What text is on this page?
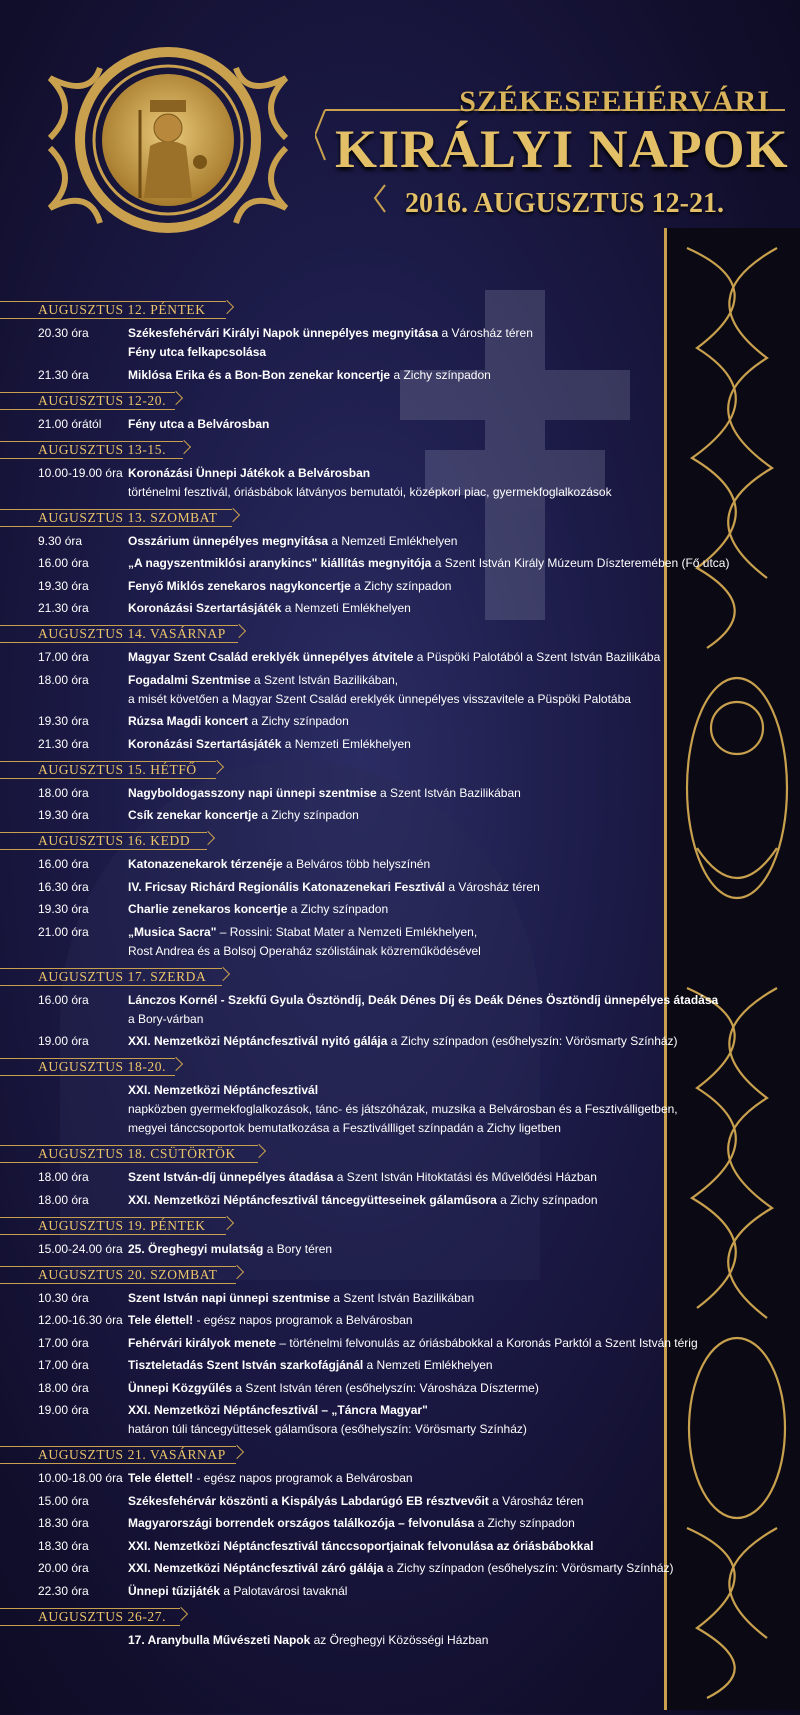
SZÉKESFEHÉRVÁRI
KIRÁLYI NAPOK
2016. AUGUSZTUS 12-21.
AUGUSZTUS 12. PÉNTEK
20.30 óra	Székesfehérvári Királyi Napok ünnepélyes megnyitása a Városház téren
Fény utca felkapcsolása
21.30 óra	Miklósa Erika és a Bon-Bon zenekar koncertje a Zichy színpadon
AUGUSZTUS 12-20.
21.00 órától	Fény utca a Belvárosban
AUGUSZTUS 13-15.
10.00-19.00 óra Koronázási Ünnepi Játékok a Belvárosban
történelmi fesztivál, óriásbábok látványos bemutatói, középkori piac, gyermekfoglalkozások
AUGUSZTUS 13. SZOMBAT
9.30 óra	Osszárium ünnepélyes megnyitása a Nemzeti Emlékhelyen
16.00 óra	„A nagyszentmiklósi aranykincs" kiállítás megnyitója a Szent István Király Múzeum Díszteremében (Fő utca)
19.30 óra	Fenyő Miklós zenekaros nagykoncertje a Zichy színpadon
21.30 óra	Koronázási Szertartásjáték a Nemzeti Emlékhelyen
AUGUSZTUS 14. VASÁRNAP
17.00 óra	Magyar Szent Család ereklyék ünnepélyes átvitele a Püspöki Palotából a Szent István Bazilikába
18.00 óra	Fogadalmi Szentmise a Szent István Bazilikában,
a misét követően a Magyar Szent Család ereklyék ünnepélyes visszavitele a Püspöki Palotába
19.30 óra	Rúzsa Magdi koncert a Zichy színpadon
21.30 óra	Koronázási Szertartásjáték a Nemzeti Emlékhelyen
AUGUSZTUS 15. HÉTFŐ
18.00 óra	Nagyboldogasszony napi ünnepi szentmise a Szent István Bazilikában
19.30 óra	Csík zenekar koncertje a Zichy színpadon
AUGUSZTUS 16. KEDD
16.00 óra	Katonazenekarok térzenéje a Belváros több helyszínén
16.30 óra	IV. Fricsay Richárd Regionális Katonazenekari Fesztivál a Városház téren
19.30 óra	Charlie zenekaros koncertje a Zichy színpadon
21.00 óra	„Musica Sacra" – Rossini: Stabat Mater a Nemzeti Emlékhelyen,
Rost Andrea és a Bolsoj Operaház szólistáinak közreműködésével
AUGUSZTUS 17. SZERDA
16.00 óra	Lánczos Kornél - Szekfű Gyula Ösztöndíj, Deák Dénes Díj és Deák Dénes Ösztöndíj ünnepélyes átadása
a Bory-várban
19.00 óra	XXI. Nemzetközi Néptáncfesztivál nyitó gálája a Zichy színpadon (esőhelyszín: Vörösmarty Színház)
AUGUSZTUS 18-20.
XXI. Nemzetközi Néptáncfesztivál
napközben gyermekfoglalkozások, tánc- és játszóházak, muzsika a Belvárosban és a Fesztiválligetben,
megyei tánccsoportok bemutatkozása a Fesztivállliget színpadán a Zichy ligetben
AUGUSZTUS 18. CSÜTÖRTÖK
18.00 óra	Szent István-díj ünnepélyes átadása a Szent István Hitoktatási és Művelődési Házban
18.00 óra	XXI. Nemzetközi Néptáncfesztivál táncegyütteseinek gálaműsora a Zichy színpadon
AUGUSZTUS 19. PÉNTEK
15.00-24.00 óra 25. Öreghegyi mulatság a Bory téren
AUGUSZTUS 20. SZOMBAT
10.30 óra	Szent István napi ünnepi szentmise a Szent István Bazilikában
12.00-16.30 óra Tele élettel! - egész napos programok a Belvárosban
17.00 óra	Fehérvári királyok menete – történelmi felvonulás az óriásbábokkal a Koronás Parktól a Szent István térig
17.00 óra	Tiszteletadás Szent István szarkofágjánál a Nemzeti Emlékhelyen
18.00 óra	Ünnepi Közgyűlés a Szent István téren (esőhelyszín: Városháza Díszterme)
19.00 óra	XXI. Nemzetközi Néptáncfesztivál – „Táncra Magyar"
határon túli táncegyüttesek gálaműsora (esőhelyszín: Vörösmarty Színház)
AUGUSZTUS 21. VASÁRNAP
10.00-18.00 óra Tele élettel! - egész napos programok a Belvárosban
15.00 óra	Székesfehérvár köszönti a Kispályás Labdarúgó EB résztvevőit a Városház téren
18.30 óra	Magyarországi borrendek országos találkozója – felvonulása a Zichy színpadon
18.30 óra	XXI. Nemzetközi Néptáncfesztivál tánccsoportjainak felvonulása az óriásbábokkal
20.00 óra	XXI. Nemzetközi Néptáncfesztivál záró gálája a Zichy színpadon (esőhelyszín: Vörösmarty Színház)
22.30 óra	Ünnepi tűzijáték a Palotavárosi tavaknál
AUGUSZTUS 26-27.
17. Aranybulla Művészeti Napok az Öreghegyi Közösségi Házban
